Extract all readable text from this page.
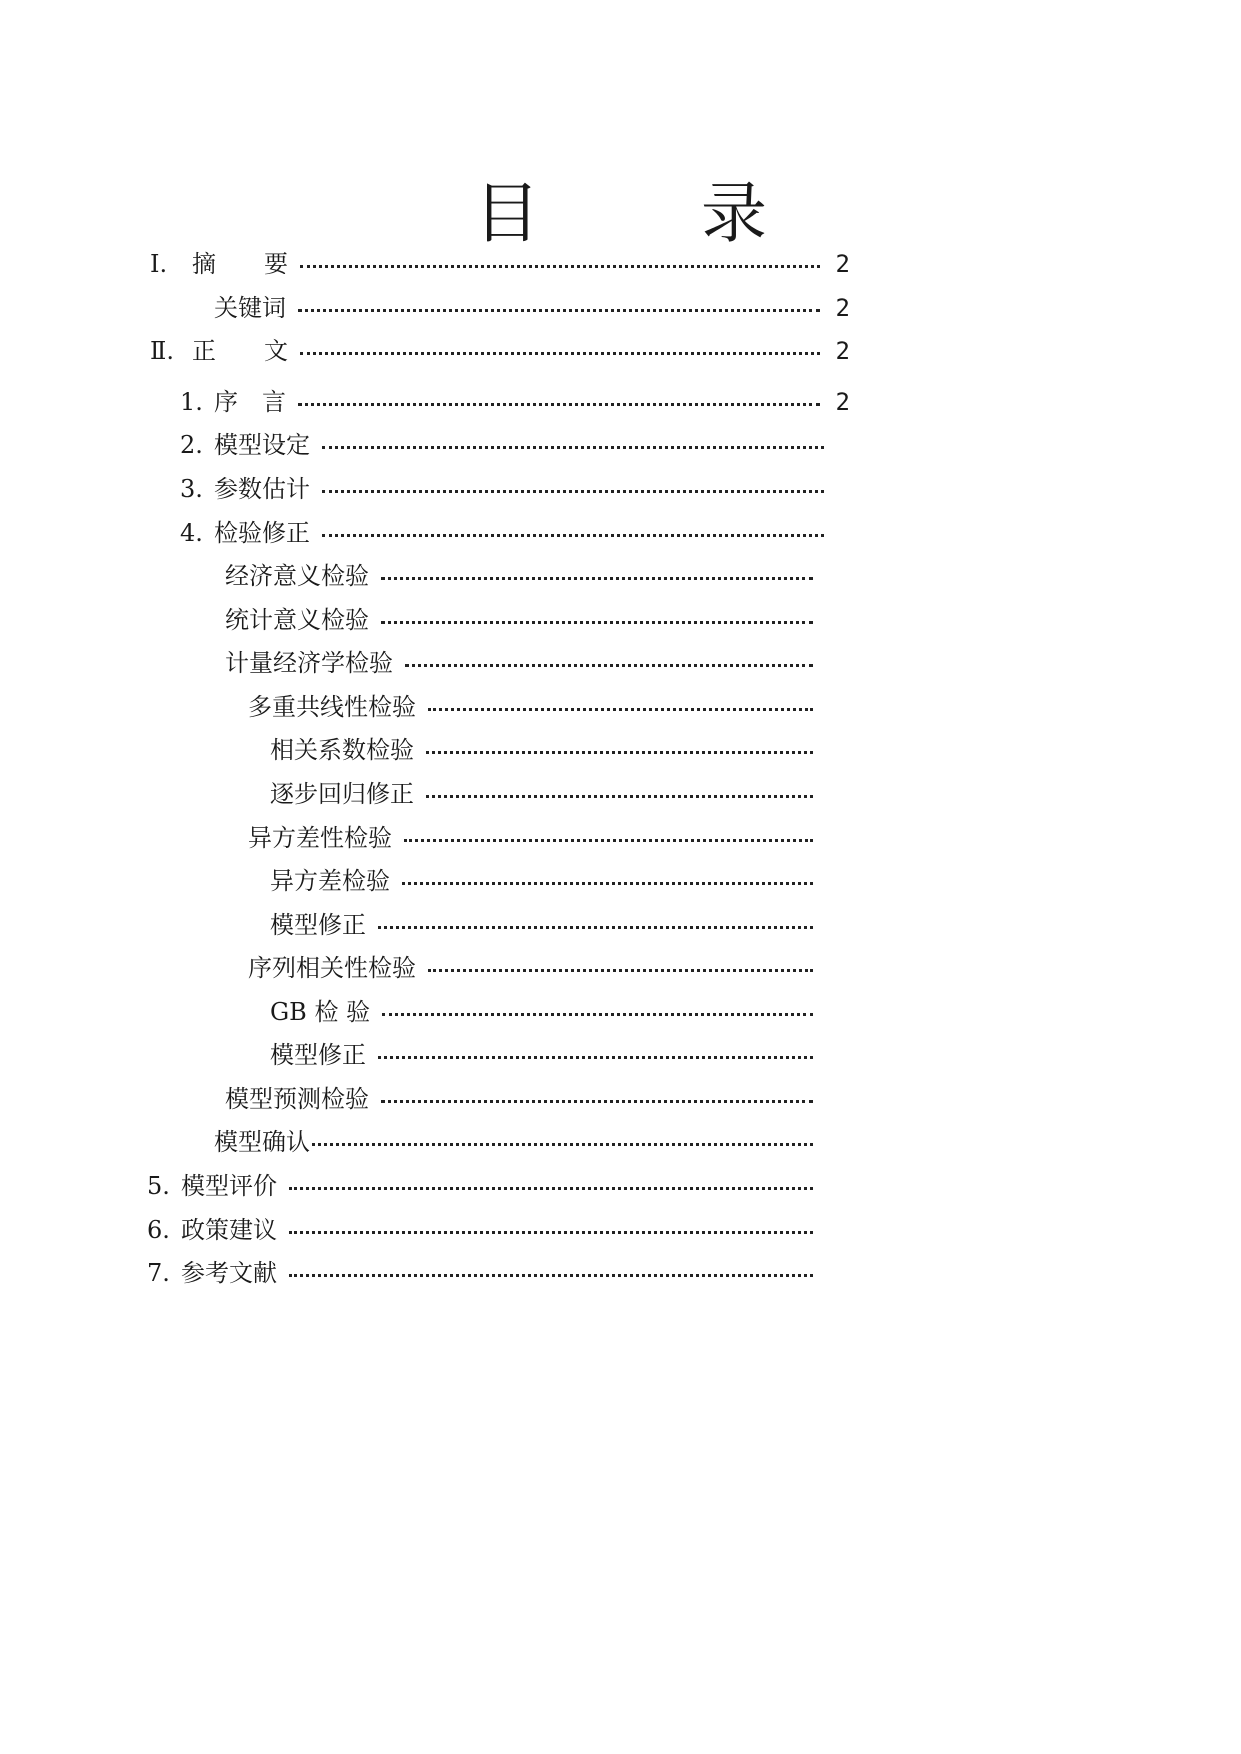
目 录
Ⅰ.	摘　　要	2
关键词	2
Ⅱ. 正　　文	2
1. 序　言	2
2. 模型设定
3. 参数估计
4. 检验修正
经济意义检验
统计意义检验
计量经济学检验
多重共线性检验
相关系数检验
逐步回归修正
异方差性检验
异方差检验
模型修正
序列相关性检验
GB 检 验
模型修正
模型预测检验
模型确认
5. 模型评价
6. 政策建议
7. 参考文献
